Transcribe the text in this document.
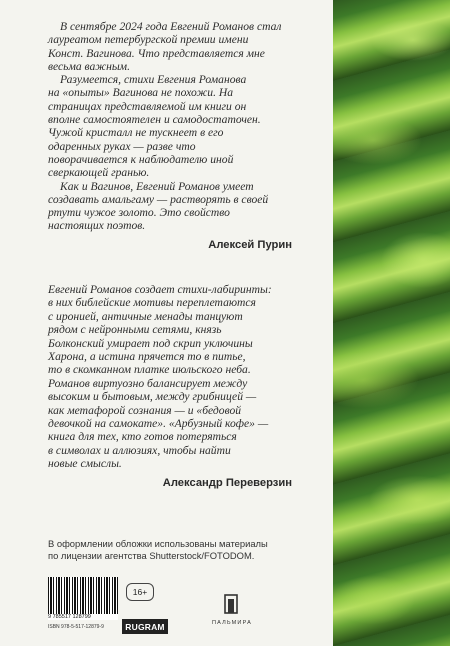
В сентябре 2024 года Евгений Романов стал
лауреатом петербургской премии имени
Конст. Вагинова. Что представляется мне
весьма важным.

Разумеется, стихи Евгения Романова
на «опыты» Вагинова не похожи. На
страницах представляемой им книги он
вполне самостоятелен и самодостаточен.
Чужой кристалл не тускнеет в его
одаренных руках — разве что
поворачивается к наблюдателю иной
сверкающей гранью.

Как и Вагинов, Евгений Романов умеет
создавать амальгаму — растворять в своей
ртути чужое золото. Это свойство
настоящих поэтов.

Алексей Пурин

Евгений Романов создает стихи-лабиринты:
в них библейские мотивы переплетаются
с иронией, античные менады танцуют
рядом с нейронными сетями, князь
Болконский умирает под скрип уключины
Харона, а истина прячется то в питье,
то в скомканном платке июльского неба.
Романов виртуозно балансирует между
высоким и бытовым, между грибницей —
как метафорой сознания — и «бедовой
девочкой на самокате». «Арбузный кофе» —
книга для тех, кто готов потеряться
в символах и аллюзиях, чтобы найти
новые смыслы.

Александр Переверзин
В оформлении обложки использованы материалы
по лицензии агентства Shutterstock/FOTODOM.
9 785517 128799
ISBN 978-5-517-12879-9
16+
RUGRAM	ПАЛЬМИРА
